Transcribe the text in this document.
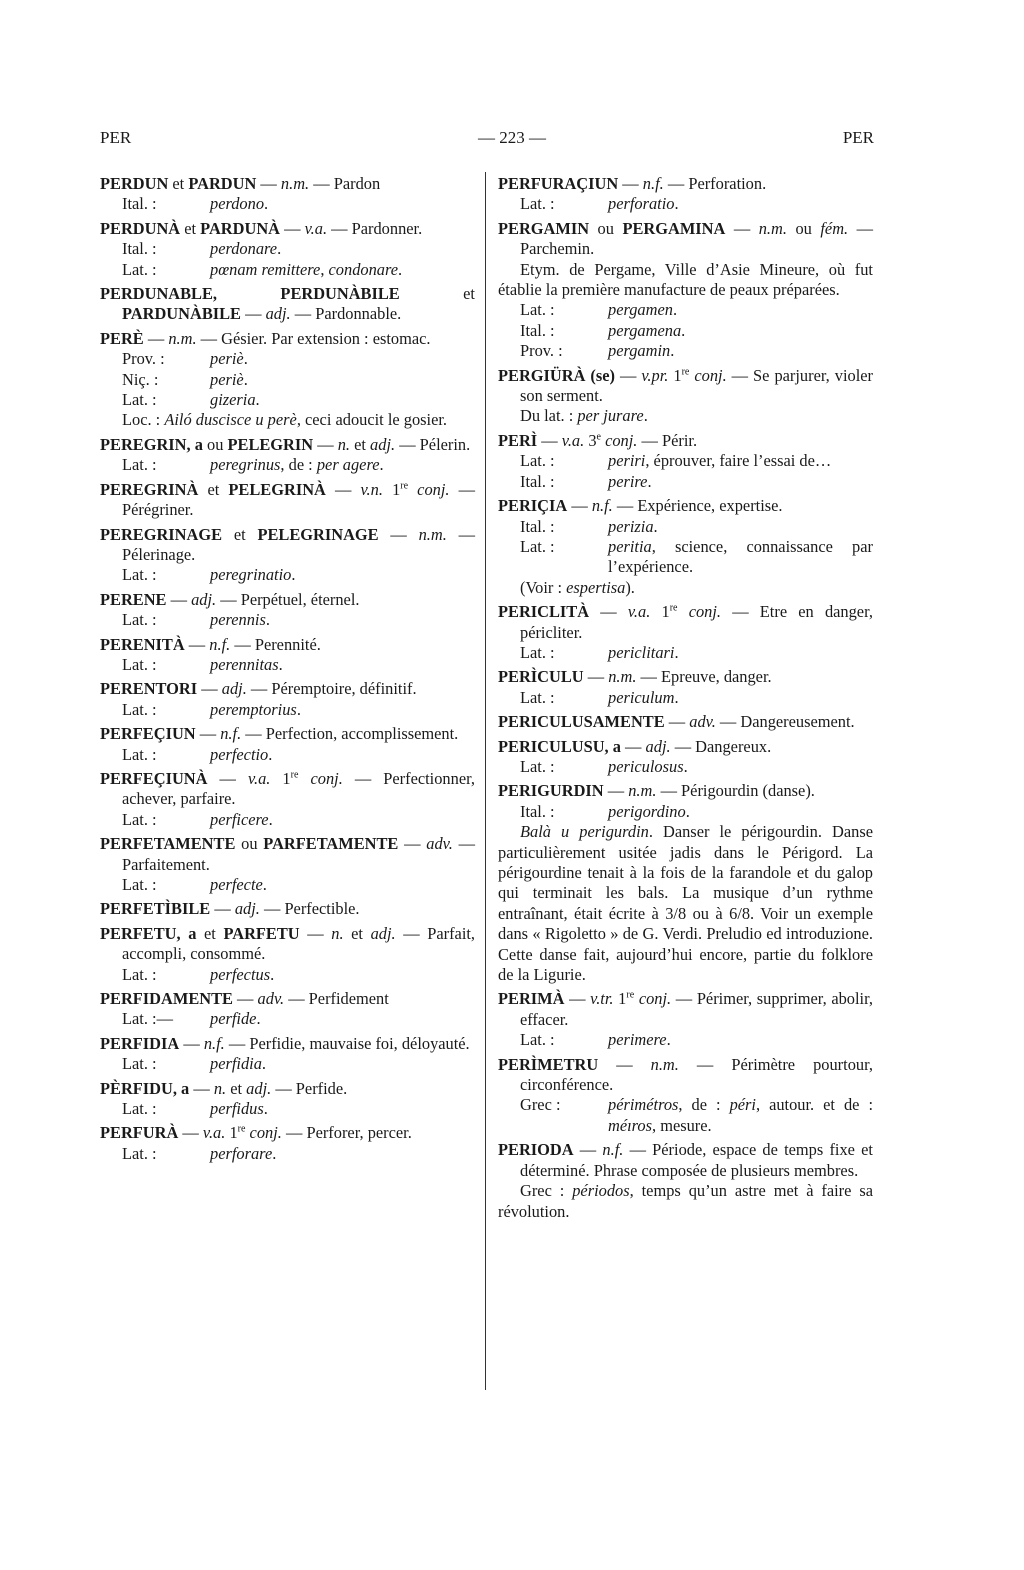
PER	— 223 —	PER
PERDUN et PARDUN — n.m. — Pardon
Ital. :	perdono.
PERDUNÀ et PARDUNÀ — v.a. — Pardonner.
Ital. :	perdonare.
Lat. :	pœnam remittere, condonare.
PERDUNABLE, PERDUNÀBILE et PARDUNÀBILE — adj. — Pardonnable.
PERÈ — n.m. — Gésier. Par extension : estomac.
Prov. :	periè.
Niç. :	periè.
Lat. :	gizeria.
Loc. : Ailó duscisce u perè, ceci adoucit le gosier.
PEREGRIN, a ou PELEGRIN — n. et adj. — Pélerin.
Lat. :	peregrinus, de : per agere.
PEREGRINÀ et PELEGRINÀ — v.n. 1re conj. — Pérégriner.
PEREGRINAGE et PELEGRINAGE — n.m. — Pélerinage.
Lat. :	peregrinatio.
PERENE — adj. — Perpétuel, éternel.
Lat. :	perennis.
PERENITÀ — n.f. — Perennité.
Lat. :	perennitas.
PERENTORI — adj. — Péremptoire, définitif.
Lat. :	peremptorius.
PERFEÇIUN — n.f. — Perfection, accomplissement.
Lat. :	perfectio.
PERFEÇIUNÀ — v.a. 1re conj. — Perfectionner, achever, parfaire.
Lat. :	perficere.
PERFETAMENTE ou PARFETAMENTE — adv. — Parfaitement.
Lat. :	perfecte.
PERFETÌBILE — adj. — Perfectible.
PERFETU, a et PARFETU — n. et adj. — Parfait, accompli, consommé.
Lat. :	perfectus.
PERFIDAMENTE — adv. — Perfidement
Lat. :—	perfide.
PERFIDIA — n.f. — Perfidie, mauvaise foi, déloyauté.
Lat. :	perfidia.
PÈRFIDU, a — n. et adj. — Perfide.
Lat. :	perfidus.
PERFURÀ — v.a. 1re conj. — Perforer, percer.
Lat. :	perforare.
PERFURAÇIUN — n.f. — Perforation.
Lat. :	perforatio.
PERGAMIN ou PERGAMINA — n.m. ou fém. — Parchemin.
Etym. de Pergame, Ville d’Asie Mineure, où fut établie la première manufacture de peaux préparées.
Lat. :	pergamen.
Ital. :	pergamena.
Prov. :	pergamin.
PERGIÜRÀ (se) — v.pr. 1re conj. — Se parjurer, violer son serment.
Du lat. : per jurare.
PERÌ — v.a. 3e conj. — Périr.
Lat. :	periri, éprouver, faire l’essai de…
Ital. :	perire.
PERIÇIA — n.f. — Expérience, expertise.
Ital. :	perizia.
Lat. :	peritia, science, connaissance par l’expérience.
(Voir : espertisa).
PERICLITÀ — v.a. 1re conj. — Etre en danger, péricliter.
Lat. :	periclitari.
PERÌCULU — n.m. — Epreuve, danger.
Lat. :	periculum.
PERICULUSAMENTE — adv. — Dangereusement.
PERICULUSU, a — adj. — Dangereux.
Lat. :	periculosus.
PERIGURDIN — n.m. — Périgourdin (danse).
Ital. :	perigordino.
Balà u perigurdin. Danser le périgourdin. Danse particulièrement usitée jadis dans le Périgord. La périgourdine tenait à la fois de la farandole et du galop qui terminait les bals. La musique d’un rythme entraînant, était écrite à 3/8 ou à 6/8. Voir un exemple dans « Rigoletto » de G. Verdi. Preludio ed introduzione. Cette danse fait, aujourd’hui encore, partie du folklore de la Ligurie.
PERIMÀ — v.tr. 1re conj. — Périmer, supprimer, abolir, effacer.
Lat. :	perimere.
PERÌMETRU — n.m. — Périmètre pourtour, circonférence.
Grec :	périmétros, de : péri, autour. et de : méıros, mesure.
PERIODA — n.f. — Période, espace de temps fixe et déterminé. Phrase composée de plusieurs membres.
Grec : périodos, temps qu’un astre met à faire sa révolution.
